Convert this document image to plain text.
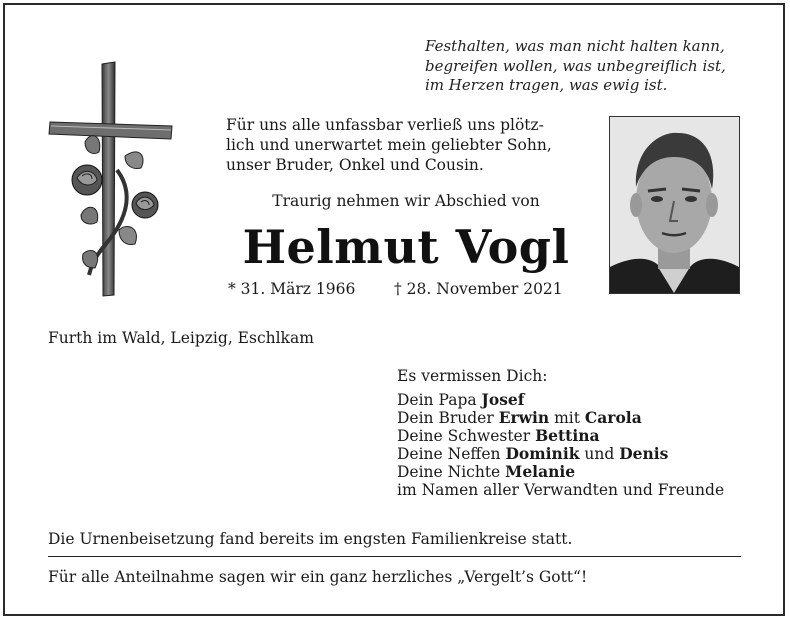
Festhalten, was man nicht halten kann,
begreifen wollen, was unbegreiflich ist,
im Herzen tragen, was ewig ist.
Für uns alle unfassbar verließ uns plötz-
lich und unerwartet mein geliebter Sohn,
unser Bruder, Onkel und Cousin.
Traurig nehmen wir Abschied von
Helmut Vogl
* 31. März 1966 † 28. November 2021
Furth im Wald, Leipzig, Eschlkam
Es vermissen Dich:
Dein Papa Josef
Dein Bruder Erwin mit Carola
Deine Schwester Bettina
Deine Neffen Dominik und Denis
Deine Nichte Melanie
im Namen aller Verwandten und Freunde
Die Urnenbeisetzung fand bereits im engsten Familienkreise statt.
Für alle Anteilnahme sagen wir ein ganz herzliches „Vergelt’s Gott“!
